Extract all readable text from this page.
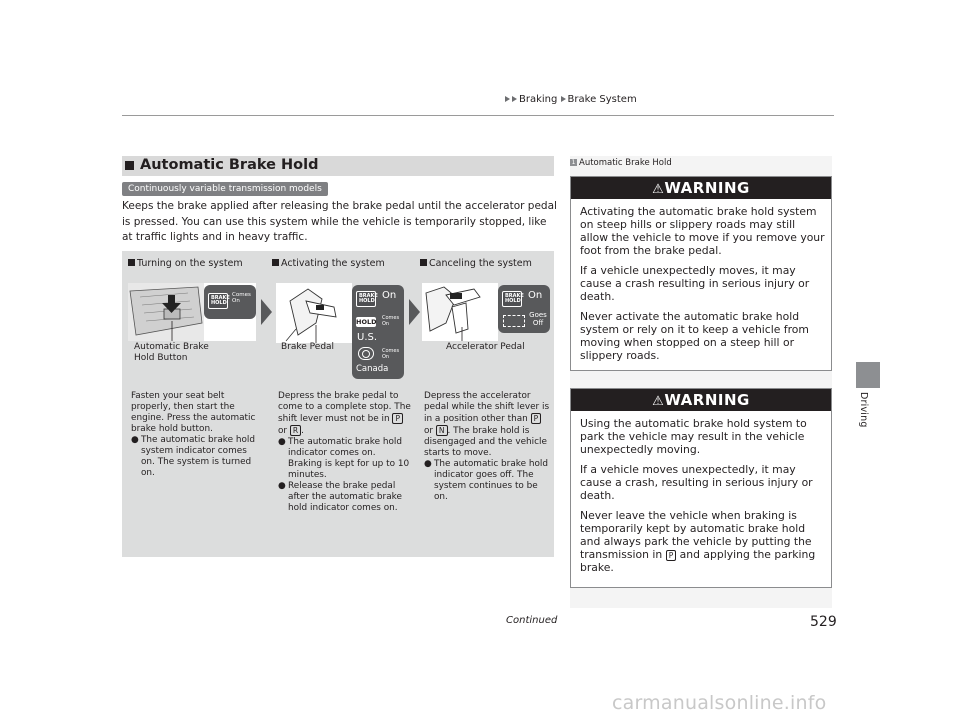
Braking Brake System
Driving
Automatic Brake Hold
Continuously variable transmission models
Keeps the brake applied after releasing the brake pedal until the accelerator pedal is pressed. You can use this system while the vehicle is temporarily stopped, like at traffic lights and in heavy traffic.
Turning on the system	Activating the system	Canceling the system
BRAKE
HOLD
Comes On
Automatic Brake
Hold Button
BRAKE
HOLD On
HOLD Comes On
U.S.
Comes On
Canada
Brake Pedal
BRAKE
HOLD On
Goes Off
Accelerator Pedal
Fasten your seat belt properly, then start the engine. Press the automatic brake hold button.
● The automatic brake hold system indicator comes on. The system is turned on.
Depress the brake pedal to come to a complete stop. The shift lever must not be in P or R .
● The automatic brake hold indicator comes on. Braking is kept for up to 10 minutes.
● Release the brake pedal after the automatic brake hold indicator comes on.
Depress the accelerator pedal while the shift lever is in a position other than P or N . The brake hold is disengaged and the vehicle starts to move.
● The automatic brake hold indicator goes off. The system continues to be on.
1 Automatic Brake Hold
⚠WARNING

Activating the automatic brake hold system on steep hills or slippery roads may still allow the vehicle to move if you remove your foot from the brake pedal.

If a vehicle unexpectedly moves, it may cause a crash resulting in serious injury or death.

Never activate the automatic brake hold system or rely on it to keep a vehicle from moving when stopped on a steep hill or slippery roads.

⚠WARNING

Using the automatic brake hold system to park the vehicle may result in the vehicle unexpectedly moving.

If a vehicle moves unexpectedly, it may cause a crash, resulting in serious injury or death.

Never leave the vehicle when braking is temporarily kept by automatic brake hold and always park the vehicle by putting the transmission in P and applying the parking brake.

Continued	529
carmanualsonline.info
